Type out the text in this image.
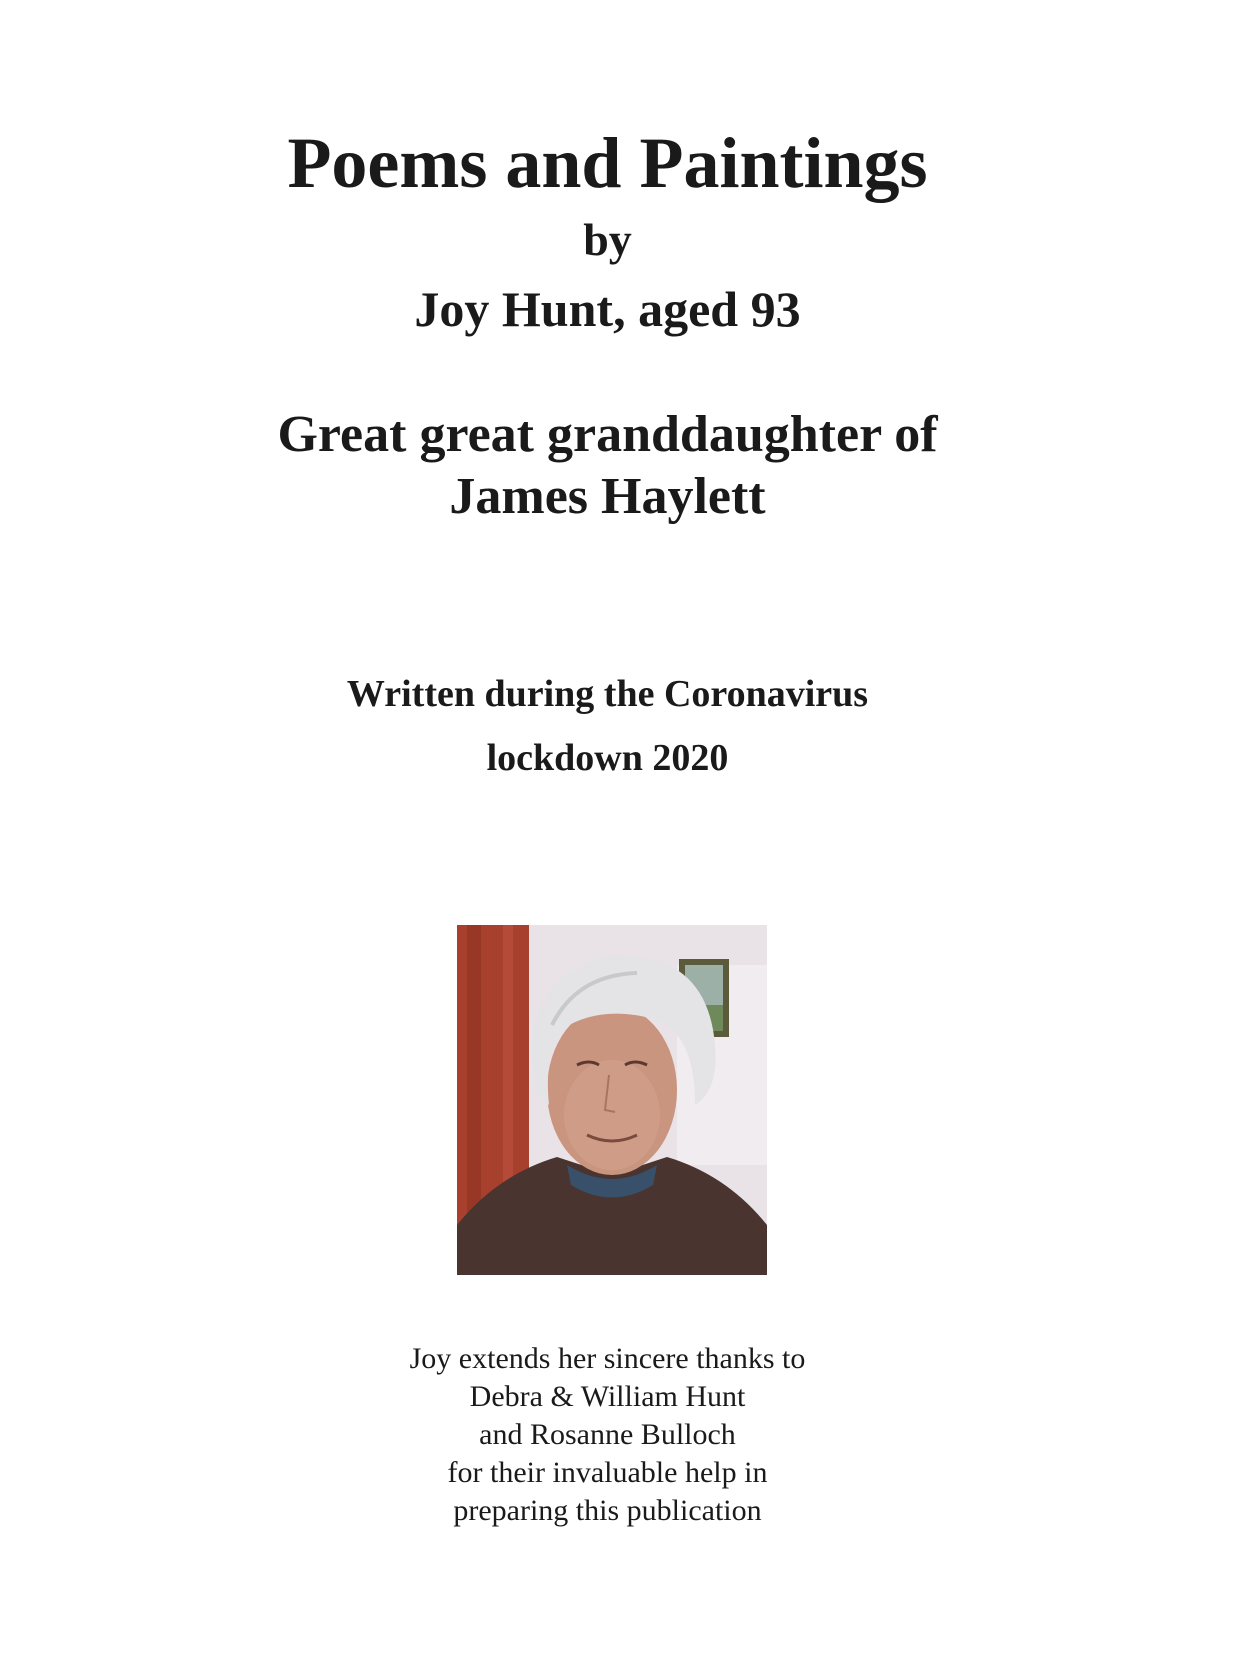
Poems and Paintings
by
Joy Hunt, aged 93
Great great granddaughter of
James Haylett
Written during the Coronavirus
lockdown 2020
Joy extends her sincere thanks to
Debra & William Hunt
and Rosanne Bulloch
for their invaluable help in
preparing this publication
